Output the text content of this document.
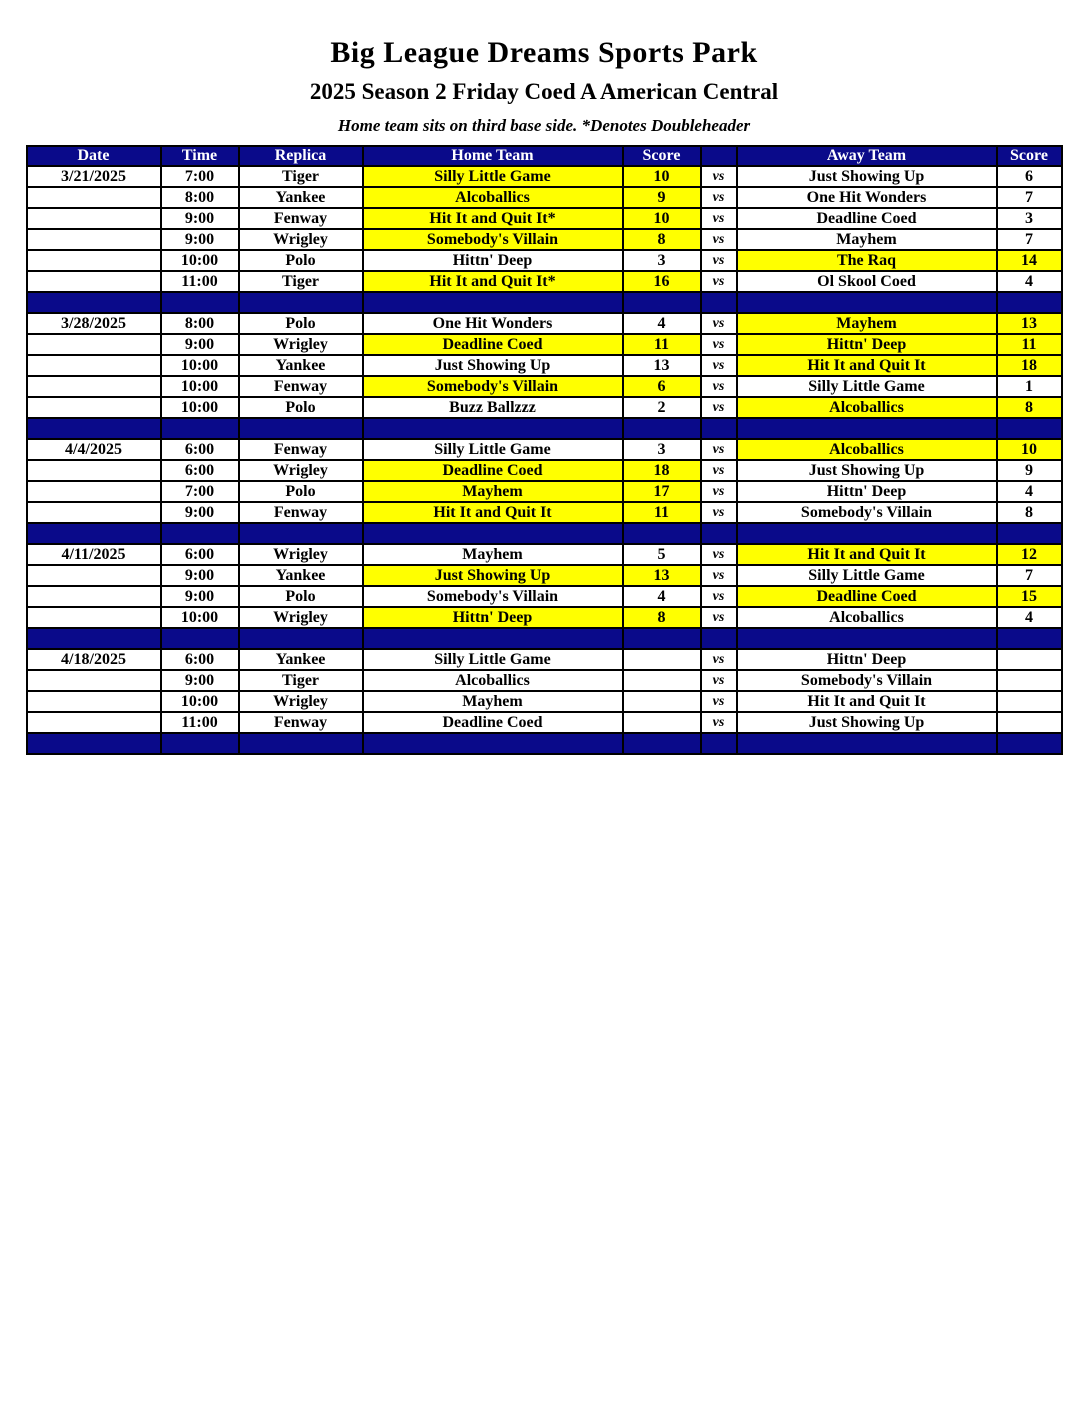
Big League Dreams Sports Park
2025 Season 2 Friday Coed A American Central
Home team sits on third base side. *Denotes Doubleheader
Date	Time	Replica	Home Team	Score		Away Team	Score
3/21/2025	7:00	Tiger	Silly Little Game	10	vs	Just Showing Up	6
	8:00	Yankee	Alcoballics	9	vs	One Hit Wonders	7
	9:00	Fenway	Hit It and Quit It*	10	vs	Deadline Coed	3
	9:00	Wrigley	Somebody's Villain	8	vs	Mayhem	7
	10:00	Polo	Hittn' Deep	3	vs	The Raq	14
	11:00	Tiger	Hit It and Quit It*	16	vs	Ol Skool Coed	4

3/28/2025	8:00	Polo	One Hit Wonders	4	vs	Mayhem	13
	9:00	Wrigley	Deadline Coed	11	vs	Hittn' Deep	11
	10:00	Yankee	Just Showing Up	13	vs	Hit It and Quit It	18
	10:00	Fenway	Somebody's Villain	6	vs	Silly Little Game	1
	10:00	Polo	Buzz Ballzzz	2	vs	Alcoballics	8

4/4/2025	6:00	Fenway	Silly Little Game	3	vs	Alcoballics	10
	6:00	Wrigley	Deadline Coed	18	vs	Just Showing Up	9
	7:00	Polo	Mayhem	17	vs	Hittn' Deep	4
	9:00	Fenway	Hit It and Quit It	11	vs	Somebody's Villain	8

4/11/2025	6:00	Wrigley	Mayhem	5	vs	Hit It and Quit It	12
	9:00	Yankee	Just Showing Up	13	vs	Silly Little Game	7
	9:00	Polo	Somebody's Villain	4	vs	Deadline Coed	15
	10:00	Wrigley	Hittn' Deep	8	vs	Alcoballics	4

4/18/2025	6:00	Yankee	Silly Little Game		vs	Hittn' Deep	
	9:00	Tiger	Alcoballics		vs	Somebody's Villain	
	10:00	Wrigley	Mayhem		vs	Hit It and Quit It	
	11:00	Fenway	Deadline Coed		vs	Just Showing Up	
